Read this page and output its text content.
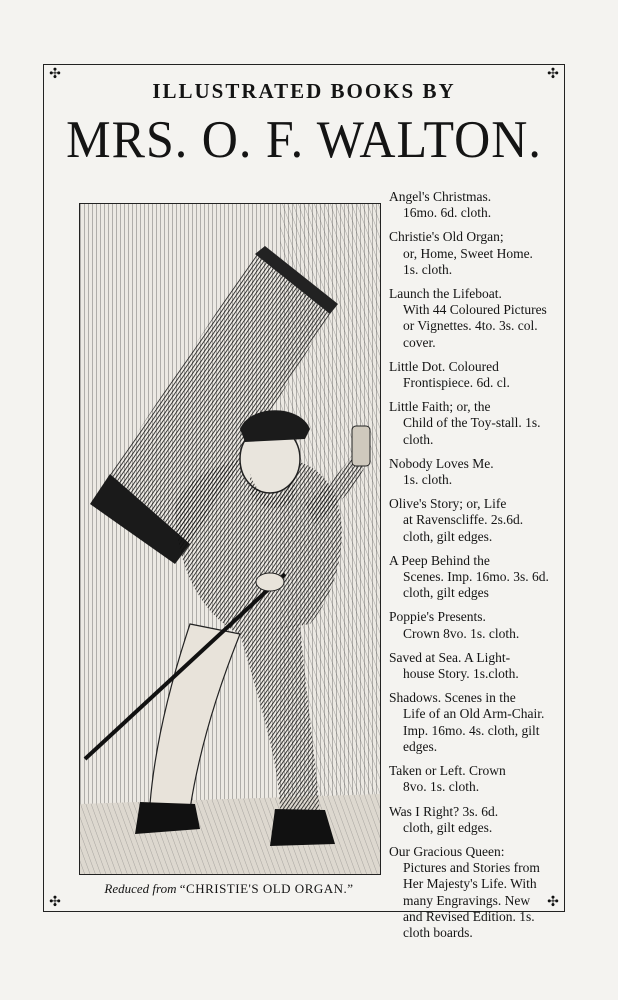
✣	✣
✣	✣
ILLUSTRATED BOOKS BY
MRS. O. F. WALTON.
Reduced from “CHRISTIE'S OLD ORGAN.”
Angel's Christmas.
16mo. 6d. cloth.
Christie's Old Organ;
or, Home, Sweet Home. 1s. cloth.
Launch the Lifeboat.
With 44 Coloured Pictures or Vignettes. 4to. 3s. col. cover.
Little Dot. Coloured
Frontispiece. 6d. cl.
Little Faith; or, the
Child of the Toy-stall. 1s. cloth.
Nobody Loves Me.
1s. cloth.
Olive's Story; or, Life
at Ravenscliffe. 2s.6d. cloth, gilt edges.
A Peep Behind the
Scenes. Imp. 16mo. 3s. 6d. cloth, gilt edges
Poppie's Presents.
Crown 8vo. 1s. cloth.
Saved at Sea. A Light-
house Story. 1s.cloth.
Shadows. Scenes in the
Life of an Old Arm-Chair. Imp. 16mo. 4s. cloth, gilt edges.
Taken or Left. Crown
8vo. 1s. cloth.
Was I Right? 3s. 6d.
cloth, gilt edges.
Our Gracious Queen:
Pictures and Stories from Her Majesty's Life. With many Engravings. New and Revised Edition. 1s. cloth boards.
